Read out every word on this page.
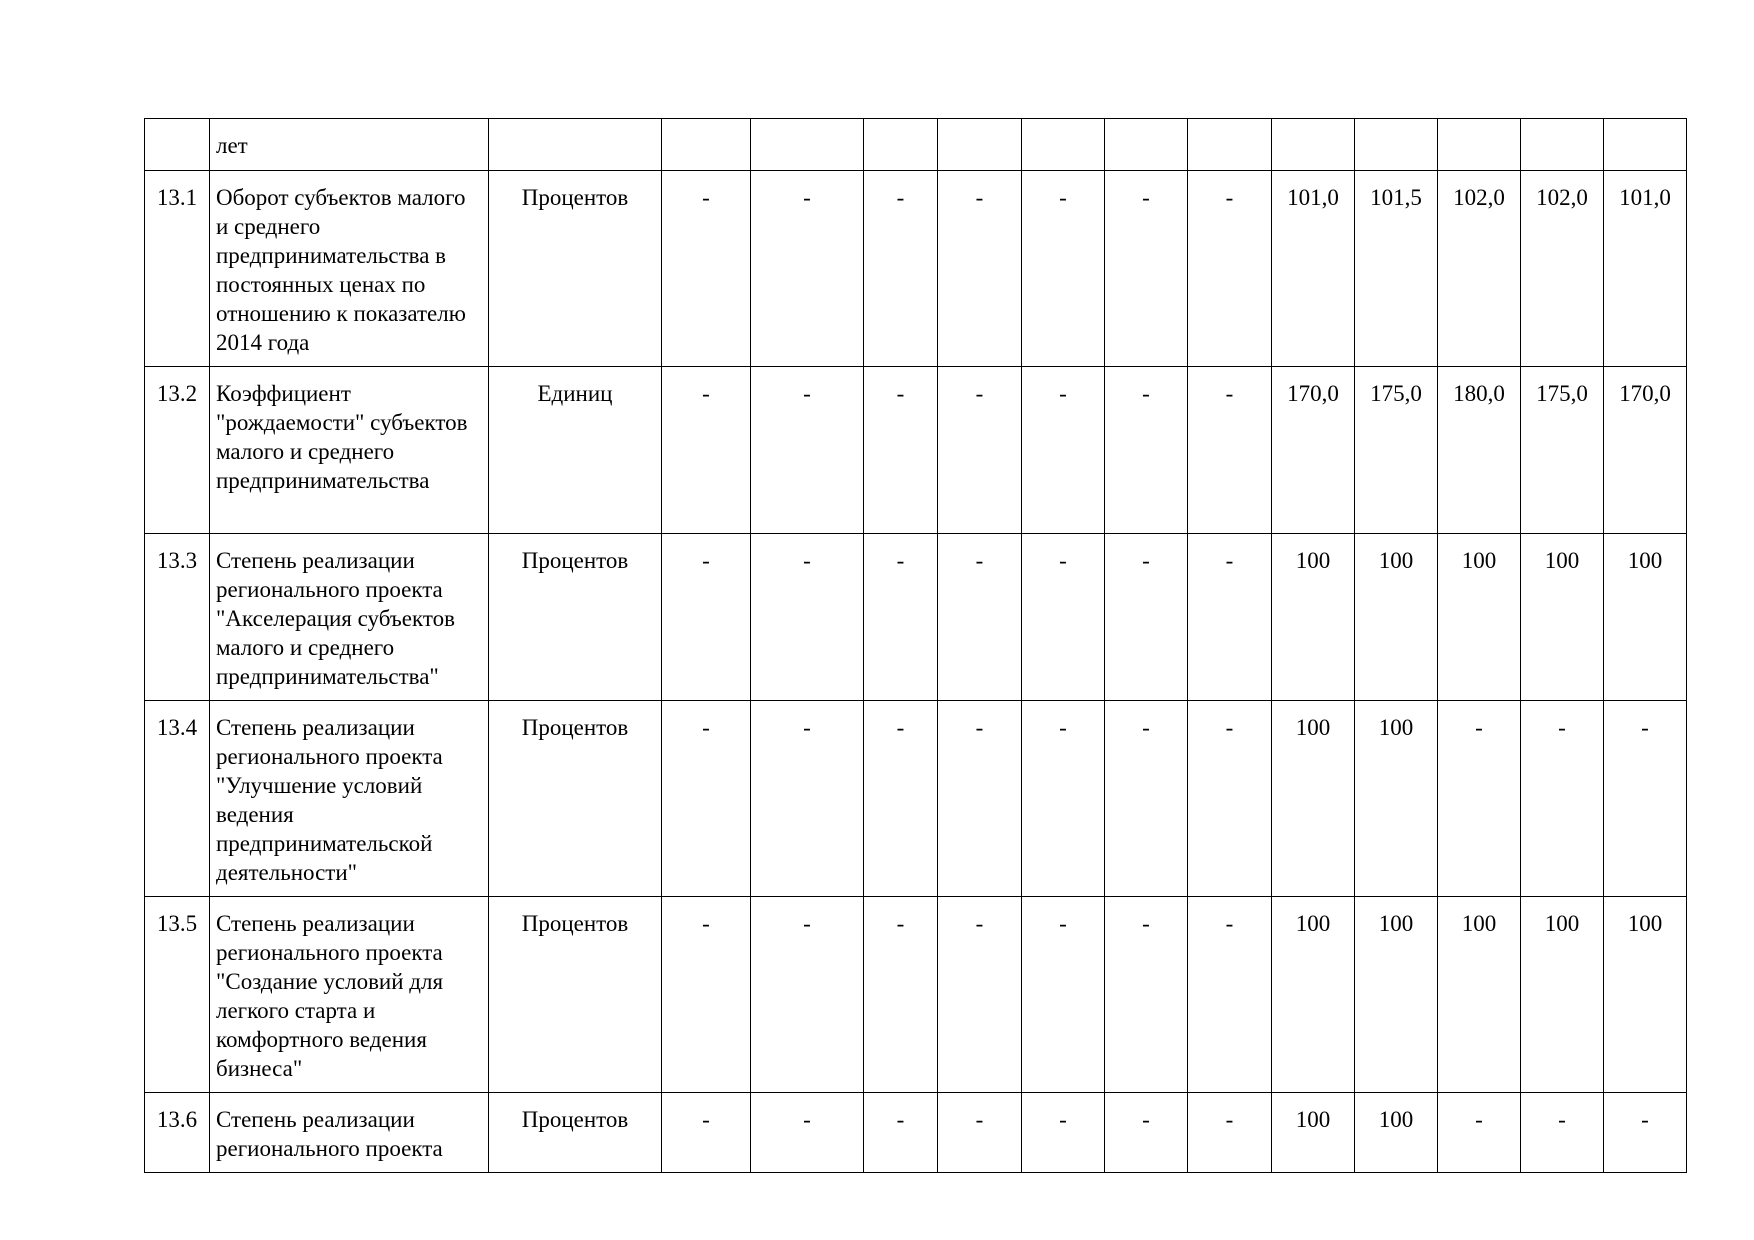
	лет													
13.1	Оборот субъектов малого и среднего предпринимательства в постоянных ценах по отношению к показателю 2014 года	Процентов	-	-	-	-	-	-	-	101,0	101,5	102,0	102,0	101,0
13.2	Коэффициент "рождаемости" субъектов малого и среднего предпринимательства	Единиц	-	-	-	-	-	-	-	170,0	175,0	180,0	175,0	170,0
13.3	Степень реализации регионального проекта "Акселерация субъектов малого и среднего предпринимательства"	Процентов	-	-	-	-	-	-	-	100	100	100	100	100
13.4	Степень реализации регионального проекта "Улучшение условий ведения предпринимательской деятельности"	Процентов	-	-	-	-	-	-	-	100	100	-	-	-
13.5	Степень реализации регионального проекта "Создание условий для легкого старта и комфортного ведения бизнеса"	Процентов	-	-	-	-	-	-	-	100	100	100	100	100
13.6	Степень реализации регионального проекта	Процентов	-	-	-	-	-	-	-	100	100	-	-	-
